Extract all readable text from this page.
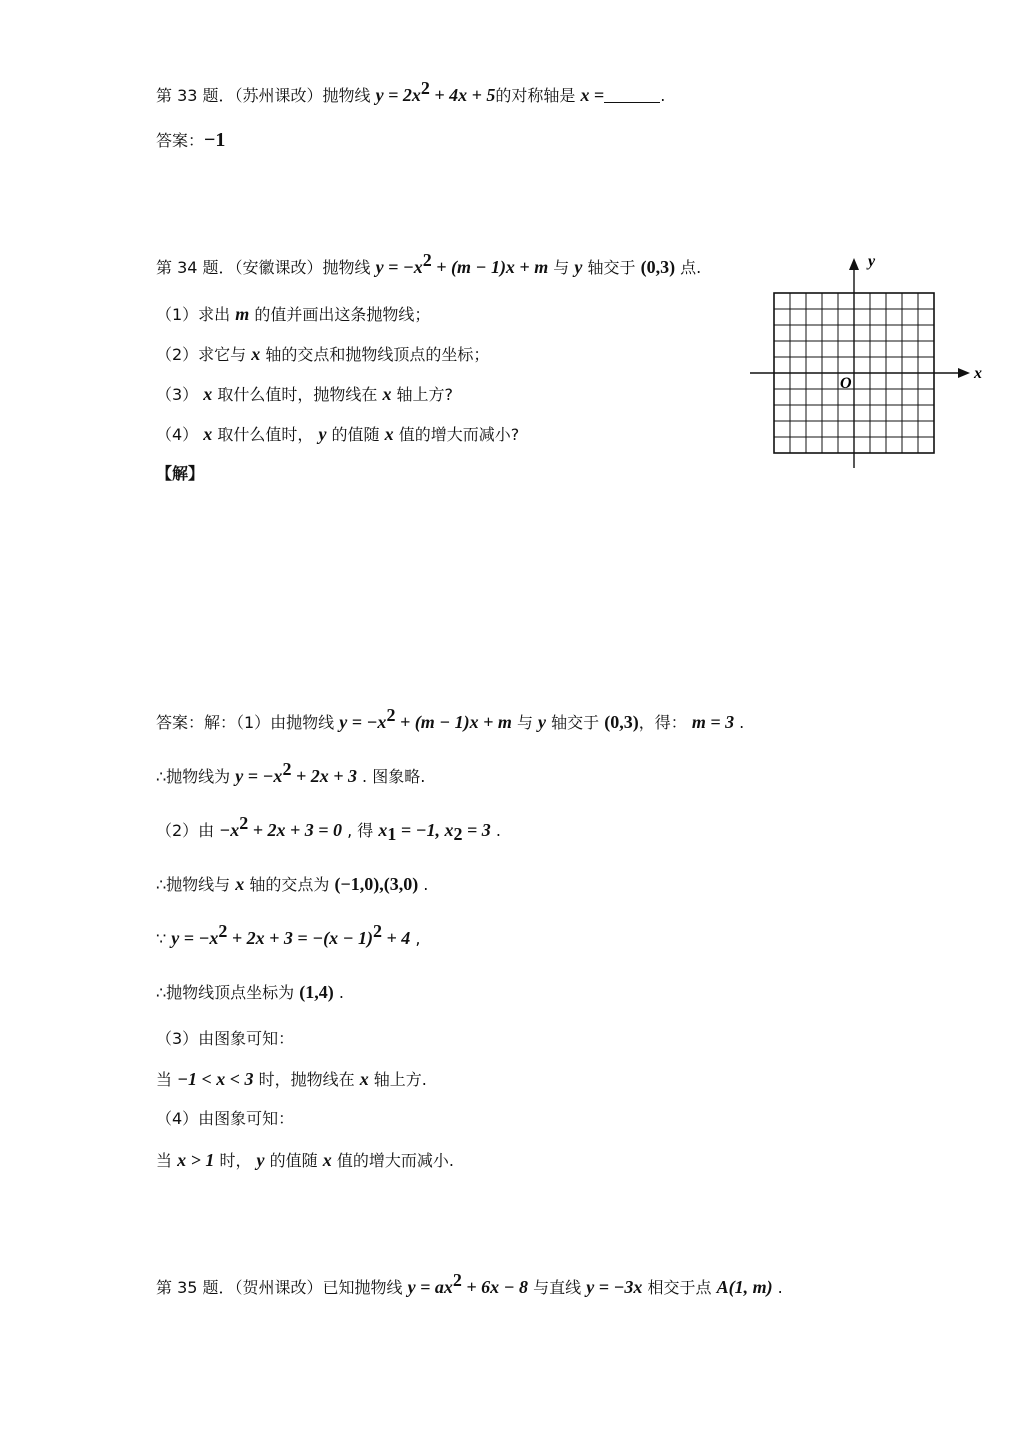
第 33 题．（苏州课改）抛物线 $y = 2x^2 + 4x + 5$的对称轴是 x =	.
答案：−1
第 34 题．（安徽课改）抛物线 $y = -x^2 + (m - 1)x + m$ 与 y 轴交于 (0,3) 点.
（1）求出 m 的值并画出这条抛物线；
（2）求它与 x 轴的交点和抛物线顶点的坐标；
（3） x 取什么值时，抛物线在 x 轴上方?
（4） x 取什么值时， y 的值随 x 值的增大而减小?
【解】
x
y
O
答案：解：（1）由抛物线 $y = -x^2 + (m - 1)x + m$ 与 y 轴交于 (0,3)，得： m = 3 .
∴抛物线为 $y = -x^2 + 2x + 3$ . 图象略.
（2）由 $-x^2 + 2x + 3 = 0$ , 得 $x_1 = -1$, $x_2 = 3$ .
∴抛物线与 x 轴的交点为 (−1,0),(3,0) .
∵ $y = -x^2 + 2x + 3 = -(x - 1)^2 + 4$ ,
∴抛物线顶点坐标为 (1,4) .
（3）由图象可知：
当 −1 < x < 3 时，抛物线在 x 轴上方.
（4）由图象可知：
当 x > 1 时， y 的值随 x 值的增大而减小.
第 35 题．（贺州课改）已知抛物线 $y = ax^2 + 6x - 8$ 与直线 y = −3x 相交于点 A(1, m) .
